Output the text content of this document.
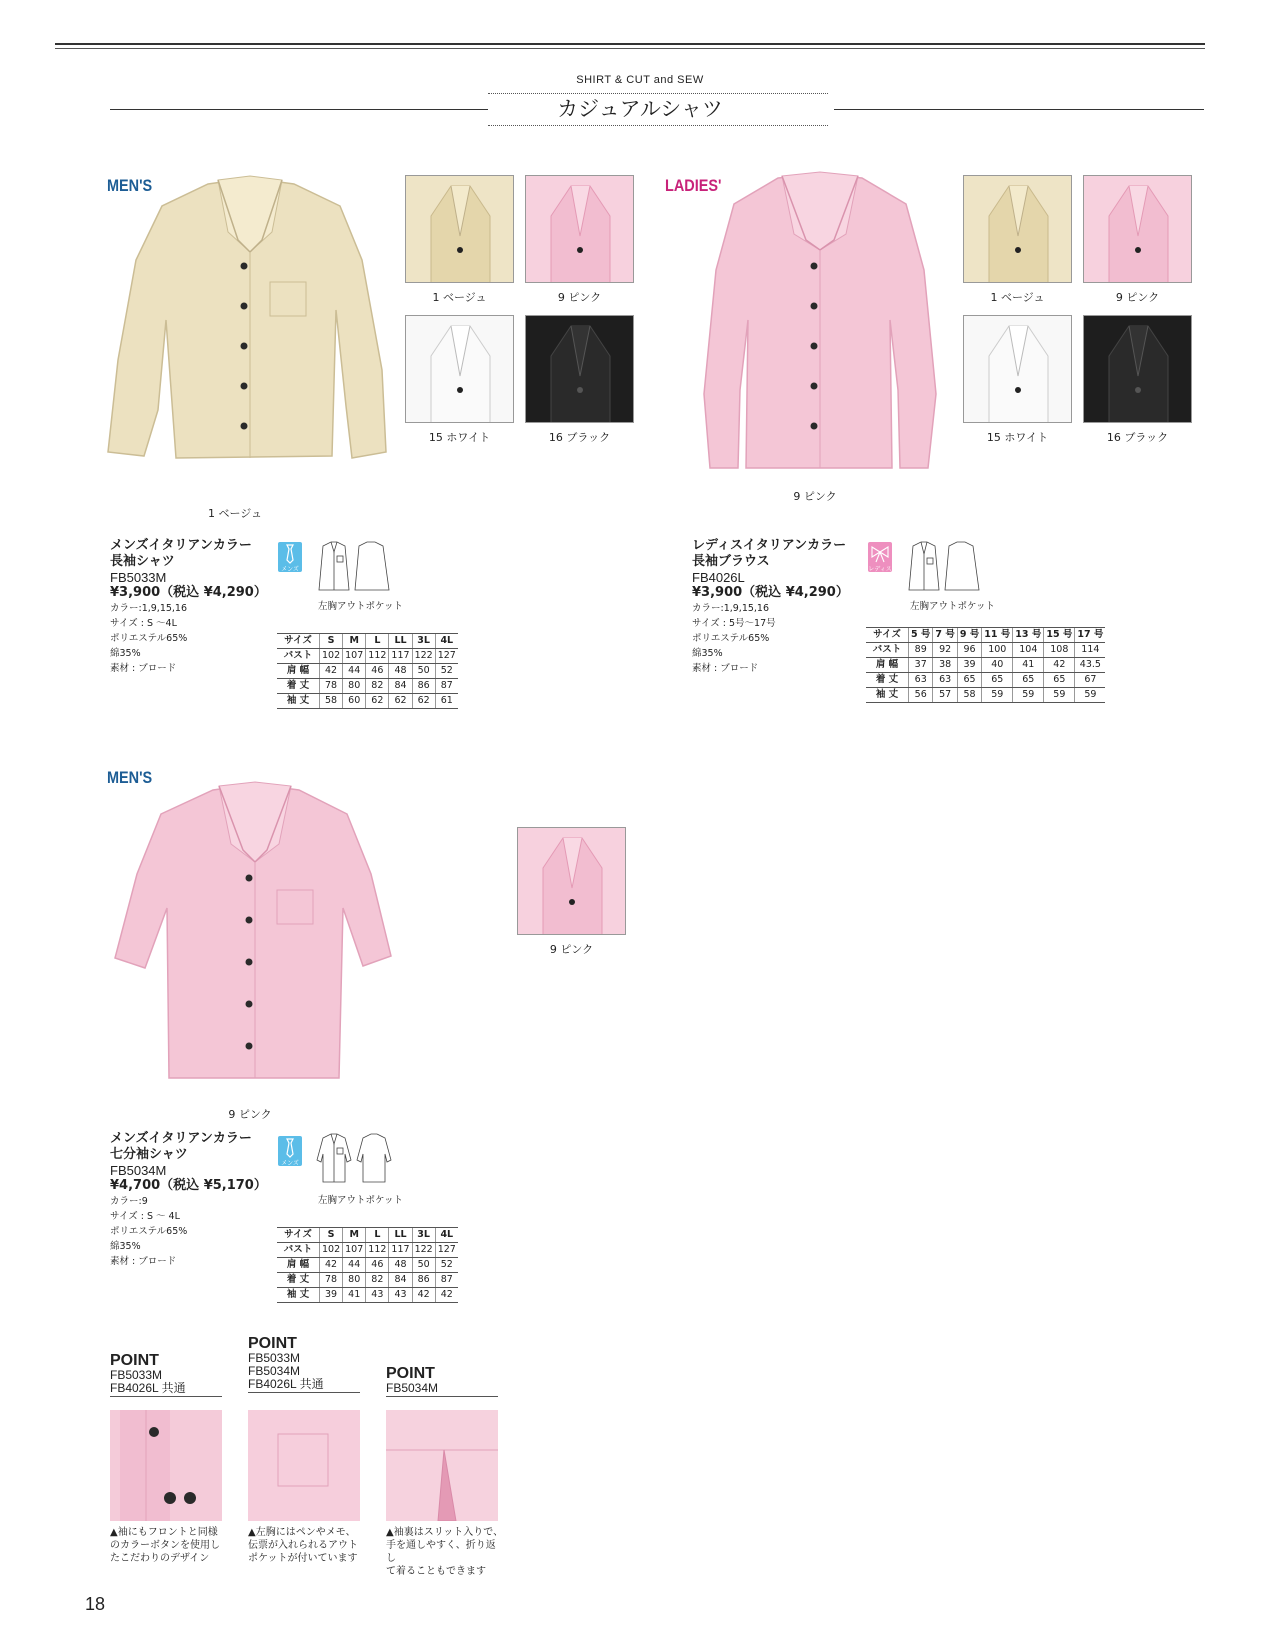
SHIRT & CUT and SEW
カジュアルシャツ
MEN'S
1 ベージュ
1 ベージュ	9 ピンク
15 ホワイト	16 ブラック
メンズイタリアンカラー
長袖シャツ
FB5033M
¥3,900（税込 ¥4,290）
カラー:1,9,15,16
サイズ : S ～4L
ポリエステル65%
綿35%
素材 : ブロード
メンズ
左胸アウトポケット
サイズ	S	M	L	LL	3L	4L
バスト	102	107	112	117	122	127
肩 幅	42	44	46	48	50	52
着 丈	78	80	82	84	86	87
袖 丈	58	60	62	62	62	61
LADIES'
9 ピンク
1 ベージュ	9 ピンク
15 ホワイト	16 ブラック
レディスイタリアンカラー
長袖ブラウス
FB4026L
¥3,900（税込 ¥4,290）
カラー:1,9,15,16
サイズ : 5号～17号
ポリエステル65%
綿35%
素材 : ブロード
レディス
左胸アウトポケット
サイズ	5 号	7 号	9 号	11 号	13 号	15 号	17 号
バスト	89	92	96	100	104	108	114
肩 幅	37	38	39	40	41	42	43.5
着 丈	63	63	65	65	65	65	67
袖 丈	56	57	58	59	59	59	59
MEN'S
9 ピンク
9 ピンク
メンズイタリアンカラー
七分袖シャツ
FB5034M
¥4,700（税込 ¥5,170）
カラー:9
サイズ : S ～ 4L
ポリエステル65%
綿35%
素材 : ブロード
メンズ
左胸アウトポケット
サイズ	S	M	L	LL	3L	4L
バスト	102	107	112	117	122	127
肩 幅	42	44	46	48	50	52
着 丈	78	80	82	84	86	87
袖 丈	39	41	43	43	42	42
POINT
FB5033M
FB4026L 共通
POINT
FB5033M
FB5034M
FB4026L 共通
POINT
FB5034M
▲袖にもフロントと同様
のカラーボタンを使用し
たこだわりのデザイン
▲左胸にはペンやメモ、
伝票が入れられるアウト
ポケットが付いています
▲袖裏はスリット入りで、
手を通しやすく、折り返し
て着ることもできます
18
